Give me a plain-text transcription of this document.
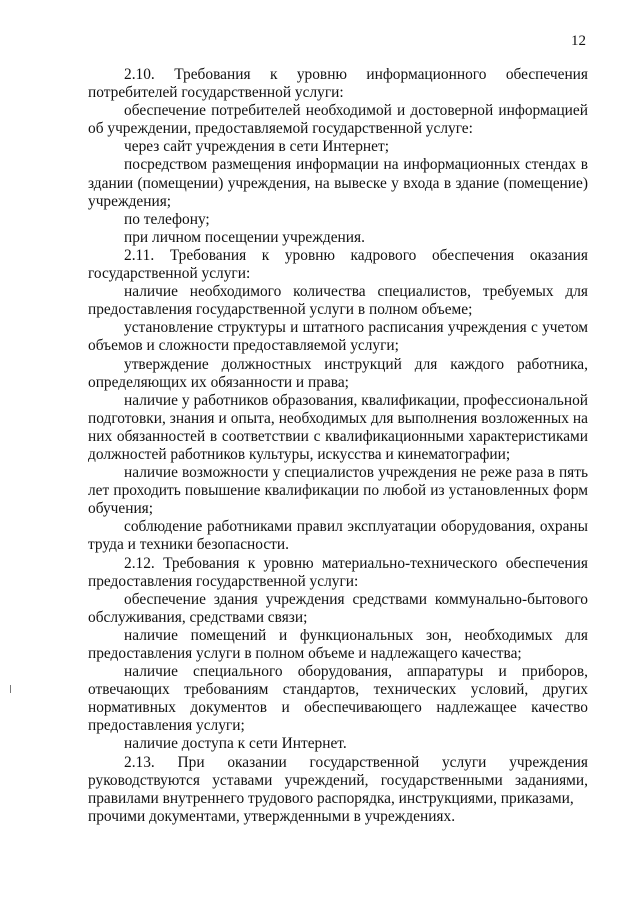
12

2.10. Требования к уровню информационного обеспечения потребителей государственной услуги:

обеспечение потребителей необходимой и достоверной информацией об учреждении, предоставляемой государственной услуге:

через сайт учреждения в сети Интернет;

посредством размещения информации на информационных стендах в здании (помещении) учреждения, на вывеске у входа в здание (помещение) учреждения;

по телефону;

при личном посещении учреждения.

2.11. Требования к уровню кадрового обеспечения оказания государственной услуги:

наличие необходимого количества специалистов, требуемых для предоставления государственной услуги в полном объеме;

установление структуры и штатного расписания учреждения с учетом объемов и сложности предоставляемой услуги;

утверждение должностных инструкций для каждого работника, определяющих их обязанности и права;

наличие у работников образования, квалификации, профессиональной подготовки, знания и опыта, необходимых для выполнения возложенных на них обязанностей в соответствии с квалификационными характеристиками должностей работников культуры, искусства и кинематографии;

наличие возможности у специалистов учреждения не реже раза в пять лет проходить повышение квалификации по любой из установленных форм обучения;

соблюдение работниками правил эксплуатации оборудования, охраны труда и техники безопасности.

2.12. Требования к уровню материально-технического обеспечения предоставления государственной услуги:

обеспечение здания учреждения средствами коммунально-бытового обслуживания, средствами связи;

наличие помещений и функциональных зон, необходимых для предоставления услуги в полном объеме и надлежащего качества;

наличие специального оборудования, аппаратуры и приборов, отвечающих требованиям стандартов, технических условий, других нормативных документов и обеспечивающего надлежащее качество предоставления услуги;

наличие доступа к сети Интернет.

2.13. При оказании государственной услуги учреждения руководствуются уставами учреждений, государственными заданиями, правилами внутреннего трудового распорядка, инструкциями, приказами,

прочими документами, утвержденными в учреждениях.
